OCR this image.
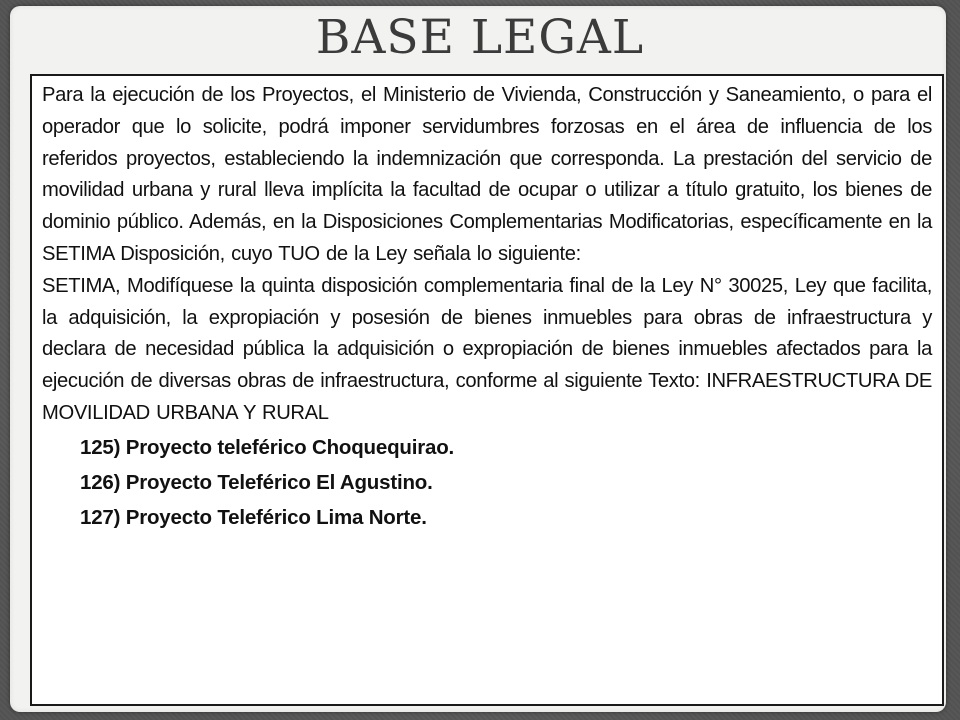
BASE LEGAL

Para la ejecución de los Proyectos, el Ministerio de Vivienda, Construcción y Saneamiento, o para el operador que lo solicite, podrá imponer servidumbres forzosas en el área de influencia de los referidos proyectos, estableciendo la indemnización que corresponda. La prestación del servicio de movilidad urbana y rural lleva implícita la facultad de ocupar o utilizar a título gratuito, los bienes de dominio público. Además, en la Disposiciones Complementarias Modificatorias, específicamente en la SETIMA Disposición, cuyo TUO de la Ley señala lo siguiente:

SETIMA, Modifíquese la quinta disposición complementaria final de la Ley N° 30025, Ley que facilita, la adquisición, la expropiación y posesión de bienes inmuebles para obras de infraestructura y declara de necesidad pública la adquisición o expropiación de bienes inmuebles afectados para la ejecución de diversas obras de infraestructura, conforme al siguiente Texto: INFRAESTRUCTURA DE MOVILIDAD URBANA Y RURAL

125) Proyecto teleférico Choquequirao.
126) Proyecto Teleférico El Agustino.
127) Proyecto Teleférico Lima Norte.
